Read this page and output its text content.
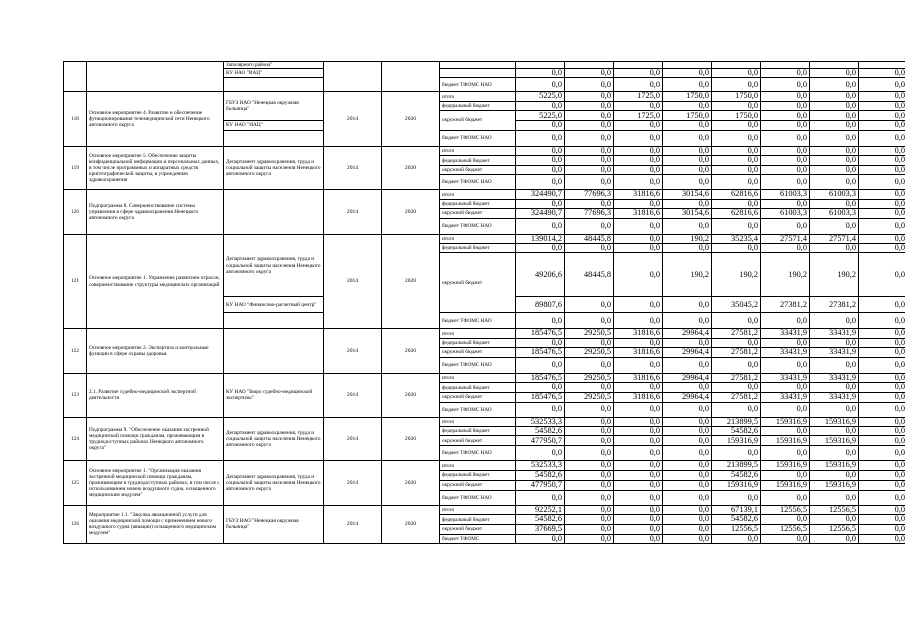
		Заполярного района"											
		КУ НАО "ИАЦ"				0,0	0,0	0,0	0,0	0,0	0,0	0,0	0,0
					бюджет ТФОМС НАО	0,0	0,0	0,0	0,0	0,0	0,0	0,0	0,0
118	Основное мероприятие 4. Развитие и обеспечение функционирования телемедицинской сети Ненецкого автономного округа	ГБУЗ НАО "Ненецкая окружная больница"	2014	2020	итого	5225,0	0,0	1725,0	1750,0	1750,0	0,0	0,0	0,0
					федеральный бюджет	0,0	0,0	0,0	0,0	0,0	0,0	0,0	0,0
					окружной бюджет	5225,0	0,0	1725,0	1750,0	1750,0	0,0	0,0	0,0
		КУ НАО "ИАЦ"				0,0	0,0	0,0	0,0	0,0	0,0	0,0	0,0
					бюджет ТФОМС НАО	0,0	0,0	0,0	0,0	0,0	0,0	0,0	0,0
119	Основное мероприятие 5. Обеспечение защиты конфиденциальной информации и персональных данных, в том числе программных и аппаратных средств криптографической защиты, в учреждениях здравоохранения	Департамент здравоохранения, труда и социальной защиты населения Ненецкого автономного округа	2014	2020	итого	0,0	0,0	0,0	0,0	0,0	0,0	0,0	0,0
					федеральный бюджет	0,0	0,0	0,0	0,0	0,0	0,0	0,0	0,0
					окружной бюджет	0,0	0,0	0,0	0,0	0,0	0,0	0,0	0,0
					бюджет ТФОМС НАО	0,0	0,0	0,0	0,0	0,0	0,0	0,0	0,0
120	Подпрограмма 8. Совершенствование системы управления в сфере здравоохранения Ненецкого автономного округа		2014	2020	итого	324490,7	77696,3	31816,6	30154,6	62816,6	61003,3	61003,3	0,0
					федеральный бюджет	0,0	0,0	0,0	0,0	0,0	0,0	0,0	0,0
					окружной бюджет	324490,7	77696,3	31816,6	30154,6	62816,6	61003,3	61003,3	0,0
					бюджет ТФОМС НАО	0,0	0,0	0,0	0,0	0,0	0,0	0,0	0,0
121	Основное мероприятие 1. Управление развитием отрасли, совершенствование структуры медицинских организаций	Департамент здравоохранения, труда и социальной защиты населения Ненецкого автономного округа	2014	2020	итого	139014,2	48445,8	0,0	190,2	35235,4	27571,4	27571,4	0,0
					федеральный бюджет	0,0	0,0	0,0	0,0	0,0	0,0	0,0	0,0
					окружной бюджет	49206,6	48445,8	0,0	190,2	190,2	190,2	190,2	0,0
		КУ НАО "Финансово-расчетный центр"				89807,6	0,0	0,0	0,0	35045,2	27381,2	27381,2	0,0
					бюджет ТФОМС НАО	0,0	0,0	0,0	0,0	0,0	0,0	0,0	0,0
122	Основное мероприятие 2. Экспертиза и контрольные функции в сфере охраны здоровья		2014	2020	итого	185476,5	29250,5	31816,6	29964,4	27581,2	33431,9	33431,9	0,0
					федеральный бюджет	0,0	0,0	0,0	0,0	0,0	0,0	0,0	0,0
					окружной бюджет	185476,5	29250,5	31816,6	29964,4	27581,2	33431,9	33431,9	0,0
					бюджет ТФОМС НАО	0,0	0,0	0,0	0,0	0,0	0,0	0,0	0,0
123	2.1. Развитие судебно-медицинской экспертной деятельности	КУ НАО "Бюро судебно-медицинской экспертизы"	2014	2020	итого	185476,5	29250,5	31816,6	29964,4	27581,2	33431,9	33431,9	0,0
					федеральный бюджет	0,0	0,0	0,0	0,0	0,0	0,0	0,0	0,0
					окружной бюджет	185476,5	29250,5	31816,6	29964,4	27581,2	33431,9	33431,9	0,0
					бюджет ТФОМС НАО	0,0	0,0	0,0	0,0	0,0	0,0	0,0	0,0
124	Подпрограмма 9. "Обеспечение оказания экстренной медицинской помощи гражданам, проживающим в труднодоступных районах Ненецкого автономного округа"	Департамент здравоохранения, труда и социальной защиты населения Ненецкого автономного округа	2014	2020	итого	532533,3	0,0	0,0	0,0	213899,5	159316,9	159316,9	0,0
					федеральный бюджет	54582,6	0,0	0,0	0,0	54582,6	0,0	0,0	0,0
					окружной бюджет	477950,7	0,0	0,0	0,0	159316,9	159316,9	159316,9	0,0
					бюджет ТФОМС НАО	0,0	0,0	0,0	0,0	0,0	0,0	0,0	0,0
125	Основное мероприятие 1. "Организация оказания экстренной медицинской помощи гражданам, проживающим в труднодоступных районах, в том числе с использованием новою воздушного судна, оснащенного медицинским модулем"	Департамент здравоохранения, труда и социальной защиты населения Ненецкого автономного округа	2014	2020	итого	532533,3	0,0	0,0	0,0	213899,5	159316,9	159316,9	0,0
					федеральный бюджет	54582,6	0,0	0,0	0,0	54582,6	0,0	0,0	0,0
					окружной бюджет	477950,7	0,0	0,0	0,0	159316,9	159316,9	159316,9	0,0
					бюджет ТФОМС НАО	0,0	0,0	0,0	0,0	0,0	0,0	0,0	0,0
126	Мероприятие 1.1. "Закупка авиационной услуги для оказания медицинской помощи с применением нового воздушного судна (авиации) оснащенного медицинским модулем"	ГБУЗ НАО "Ненецкая окружная больница"	2014	2020	итого	92252,1	0,0	0,0	0,0	67139,1	12556,5	12556,5	0,0
					федеральный бюджет	54582,6	0,0	0,0	0,0	54582,6	0,0	0,0	0,0
					окружной бюджет	37669,5	0,0	0,0	0,0	12556,5	12556,5	12556,5	0,0
					бюджет ТФОМС	0,0	0,0	0,0	0,0	0,0	0,0	0,0	0,0
